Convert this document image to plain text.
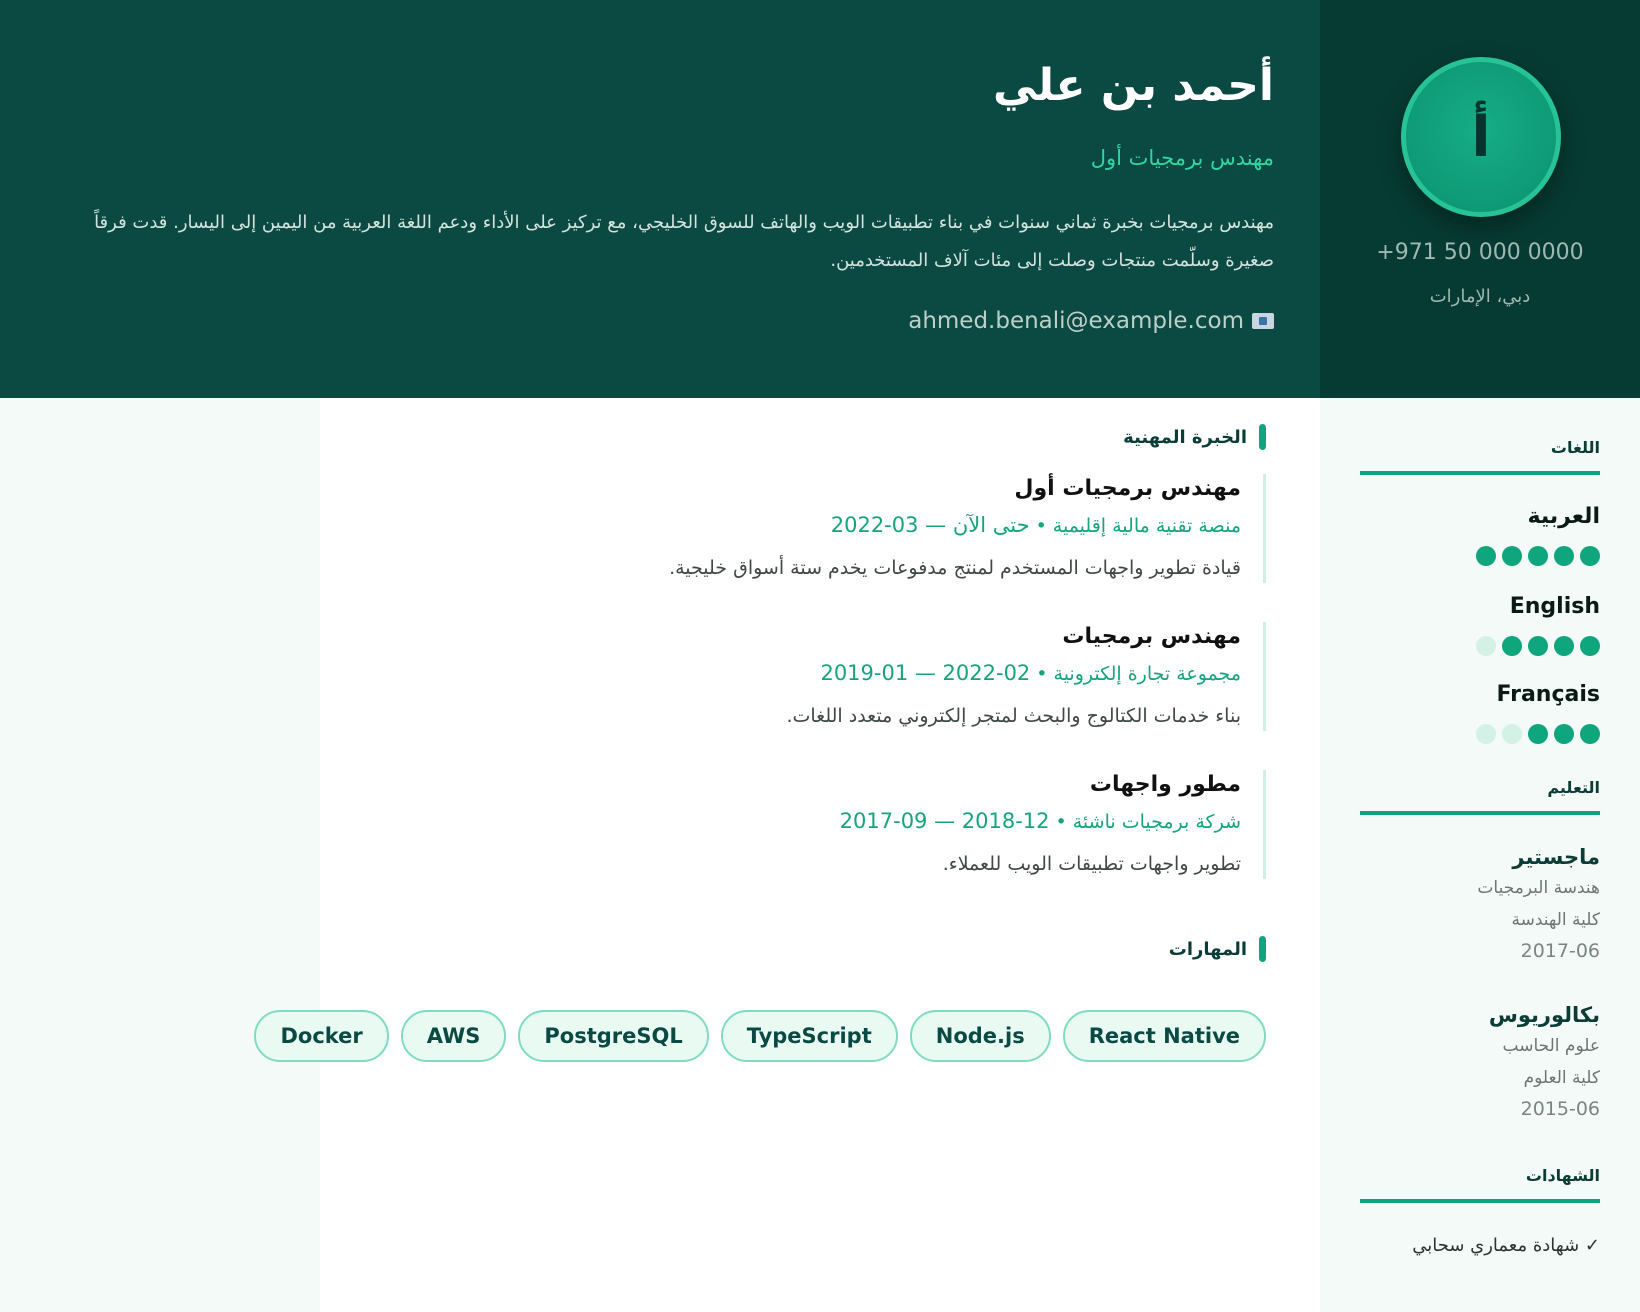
أ
+971 50 000 0000
دبي، الإمارات
أحمد بن علي
مهندس برمجيات أول
مهندس برمجيات بخبرة ثماني سنوات في بناء تطبيقات الويب والهاتف للسوق الخليجي، مع تركيز على الأداء ودعم اللغة العربية من اليمين إلى اليسار. قدت فرقاً صغيرة وسلّمت منتجات وصلت إلى مئات آلاف المستخدمين.
ahmed.benali@example.com
الخبرة المهنية
مهندس برمجيات أول
منصة تقنية مالية إقليمية•2022-03 — حتى الآن
قيادة تطوير واجهات المستخدم لمنتج مدفوعات يخدم ستة أسواق خليجية.
مهندس برمجيات
مجموعة تجارة إلكترونية•2019-01 — 2022-02
بناء خدمات الكتالوج والبحث لمتجر إلكتروني متعدد اللغات.
مطور واجهات
شركة برمجيات ناشئة•2017-09 — 2018-12
تطوير واجهات تطبيقات الويب للعملاء.
المهارات
React Native
Node.js
TypeScript
PostgreSQL
AWS
Docker
اللغات
العربية
English
Français
التعليم
ماجستير
هندسة البرمجيات
كلية الهندسة
2017-06
بكالوريوس
علوم الحاسب
كلية العلوم
2015-06
الشهادات
✓ شهادة معماري سحابي
